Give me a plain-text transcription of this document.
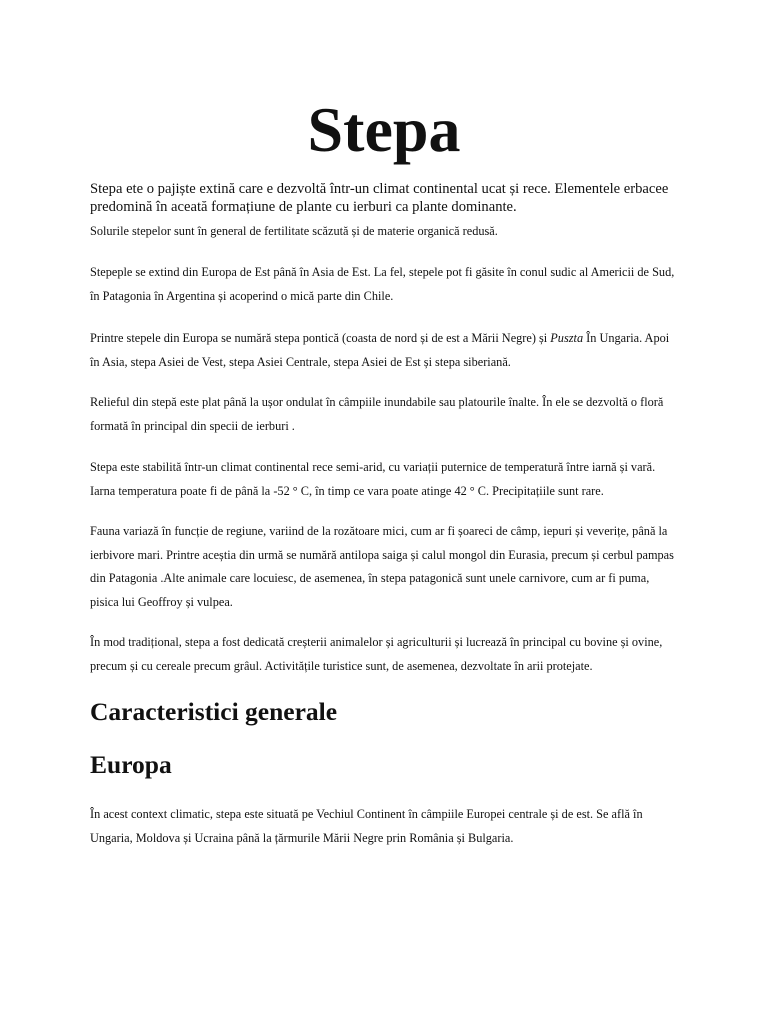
Stepa

Stepa ete o pajiște extină care e dezvoltă într-un climat continental ucat și rece. Elementele erbacee predomină în aceată formațiune de plante cu ierburi ca plante dominante.

Solurile stepelor sunt în general de fertilitate scăzută și de materie organică redusă.

Stepeple se extind din Europa de Est până în Asia de Est. La fel, stepele pot fi găsite în conul sudic al Americii de Sud, în Patagonia în Argentina și acoperind o mică parte din Chile.

Printre stepele din Europa se numără stepa pontică (coasta de nord și de est a Mării Negre) și Puszta În Ungaria. Apoi în Asia, stepa Asiei de Vest, stepa Asiei Centrale, stepa Asiei de Est și stepa siberiană.

Relieful din stepă este plat până la ușor ondulat în câmpiile inundabile sau platourile înalte. În ele se dezvoltă o floră formată în principal din specii de ierburi .

Stepa este stabilită într-un climat continental rece semi-arid, cu variații puternice de temperatură între iarnă și vară. Iarna temperatura poate fi de până la -52 ° C, în timp ce vara poate atinge 42 ° C. Precipitațiile sunt rare.

Fauna variază în funcție de regiune, variind de la rozătoare mici, cum ar fi șoareci de câmp, iepuri și veverițe, până la ierbivore mari. Printre aceștia din urmă se numără antilopa saiga și calul mongol din Eurasia, precum și cerbul pampas din Patagonia .Alte animale care locuiesc, de asemenea, în stepa patagonică sunt unele carnivore, cum ar fi puma, pisica lui Geoffroy și vulpea.

În mod tradițional, stepa a fost dedicată creșterii animalelor și agriculturii și lucrează în principal cu bovine și ovine, precum și cu cereale precum grâul. Activitățile turistice sunt, de asemenea, dezvoltate în arii protejate.

Caracteristici generale
Europa

În acest context climatic, stepa este situată pe Vechiul Continent în câmpiile Europei centrale și de est. Se află în Ungaria, Moldova și Ucraina până la țărmurile Mării Negre prin România și Bulgaria.
